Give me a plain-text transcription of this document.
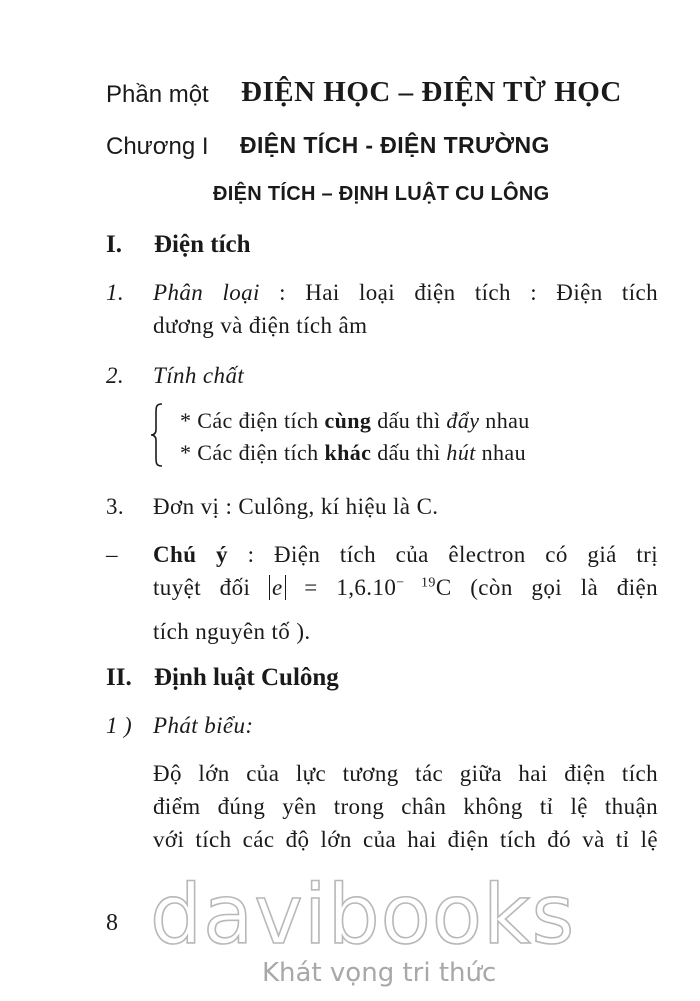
Phần một ĐIỆN HỌC – ĐIỆN TỪ HỌC
Chương I ĐIỆN TÍCH - ĐIỆN TRƯỜNG
ĐIỆN TÍCH – ĐỊNH LUẬT CU LÔNG
I. Điện tích
1. Phân loại : Hai loại điện tích : Điện tích
dương và điện tích âm
2. Tính chất
* Các điện tích cùng dấu thì đẩy nhau
* Các điện tích khác dấu thì hút nhau
3. Đơn vị : Culông, kí hiệu là C.
– Chú ý : Điện tích của êlectron có giá trị
tuyệt đối $e = 1,6.10^{- 19}C$ (còn gọi là điện
tích nguyên tố ).
II. Định luật Culông
1 ) Phát biểu:
Độ lớn của lực tương tác giữa hai điện tích
điểm đúng yên trong chân không tỉ lệ thuận
với tích các độ lớn của hai điện tích đó và tỉ lệ
8 davibooks
Khát vọng tri thức
